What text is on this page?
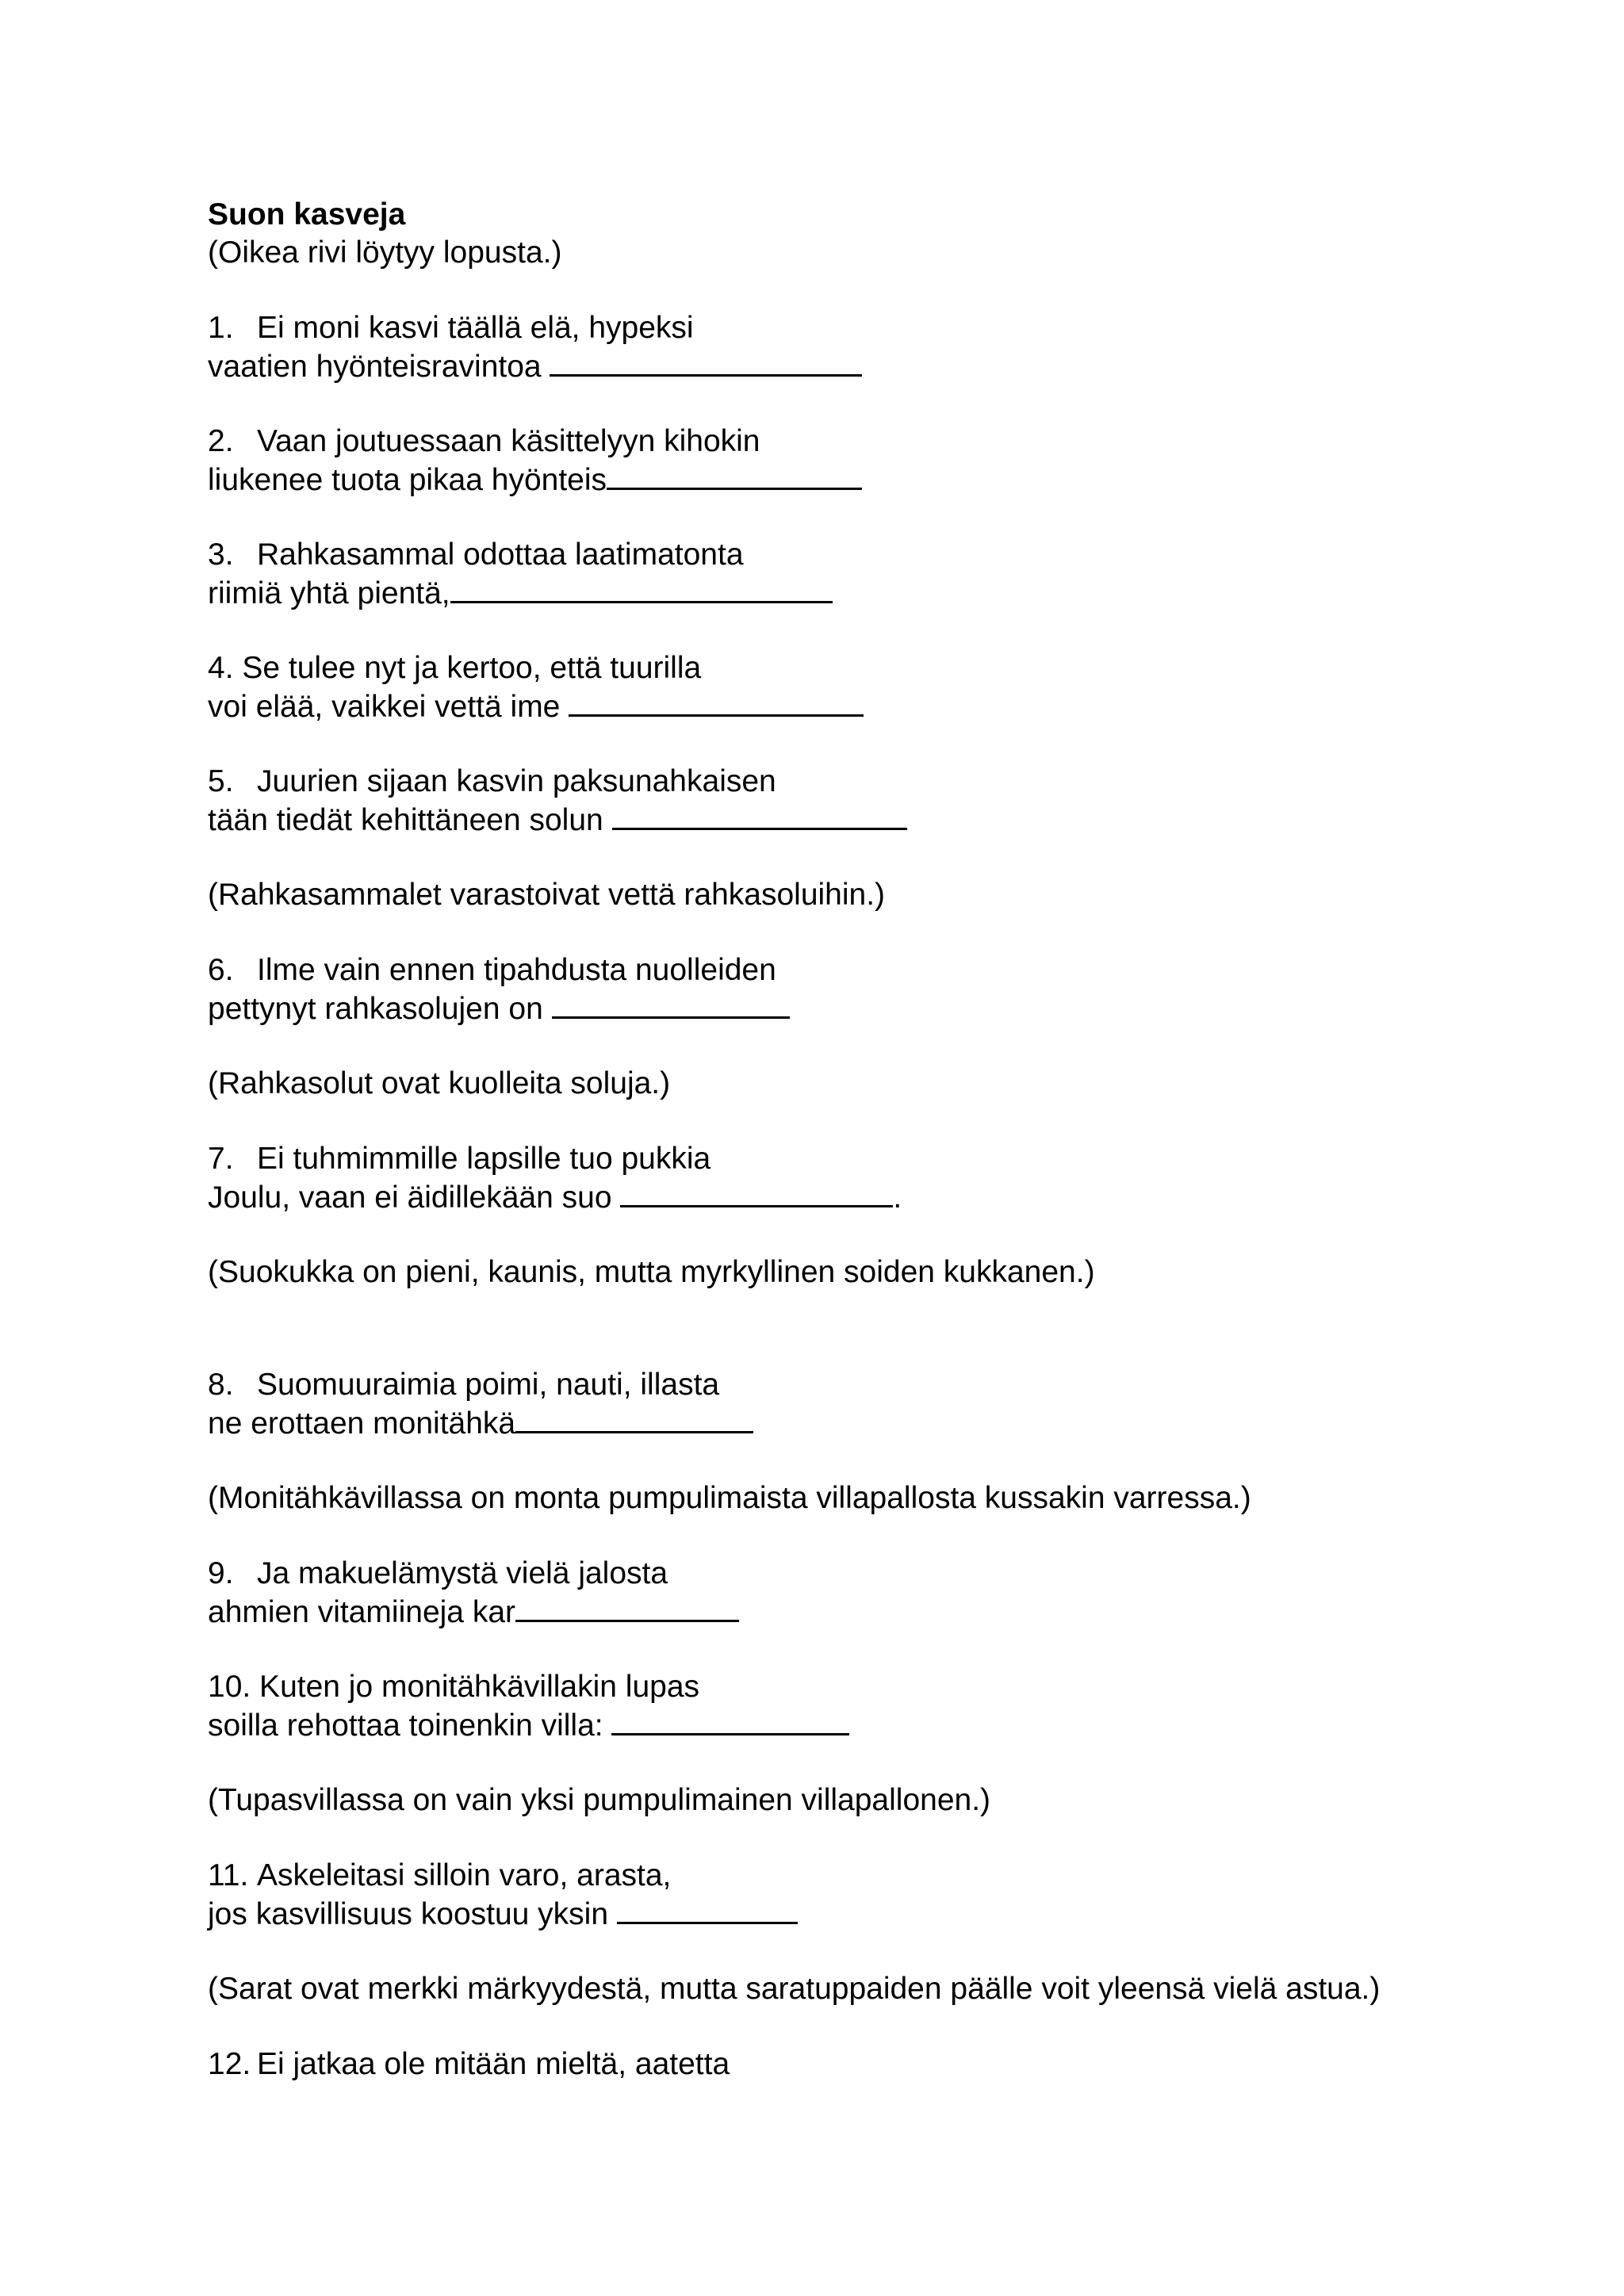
Suon kasveja
(Oikea rivi löytyy lopusta.)
1. Ei moni kasvi täällä elä, hypeksi
vaatien hyönteisravintoa
2. Vaan joutuessaan käsittelyyn kihokin
liukenee tuota pikaa hyönteis
3. Rahkasammal odottaa laatimatonta
riimiä yhtä pientä,
4. Se tulee nyt ja kertoo, että tuurilla
voi elää, vaikkei vettä ime
5. Juurien sijaan kasvin paksunahkaisen
tään tiedät kehittäneen solun
(Rahkasammalet varastoivat vettä rahkasoluihin.)
6. Ilme vain ennen tipahdusta nuolleiden
pettynyt rahkasolujen on
(Rahkasolut ovat kuolleita soluja.)
7. Ei tuhmimmille lapsille tuo pukkia
Joulu, vaan ei äidillekään suo	.
(Suokukka on pieni, kaunis, mutta myrkyllinen soiden kukkanen.)
8. Suomuuraimia poimi, nauti, illasta
ne erottaen monitähkä
(Monitähkävillassa on monta pumpulimaista villapallosta kussakin varressa.)
9. Ja makuelämystä vielä jalosta
ahmien vitamiineja kar
10. Kuten jo monitähkävillakin lupas
soilla rehottaa toinenkin villa:
(Tupasvillassa on vain yksi pumpulimainen villapallonen.)
11. Askeleitasi silloin varo, arasta,
jos kasvillisuus koostuu yksin
(Sarat ovat merkki märkyydestä, mutta saratuppaiden päälle voit yleensä vielä astua.)
12. Ei jatkaa ole mitään mieltä, aatetta
